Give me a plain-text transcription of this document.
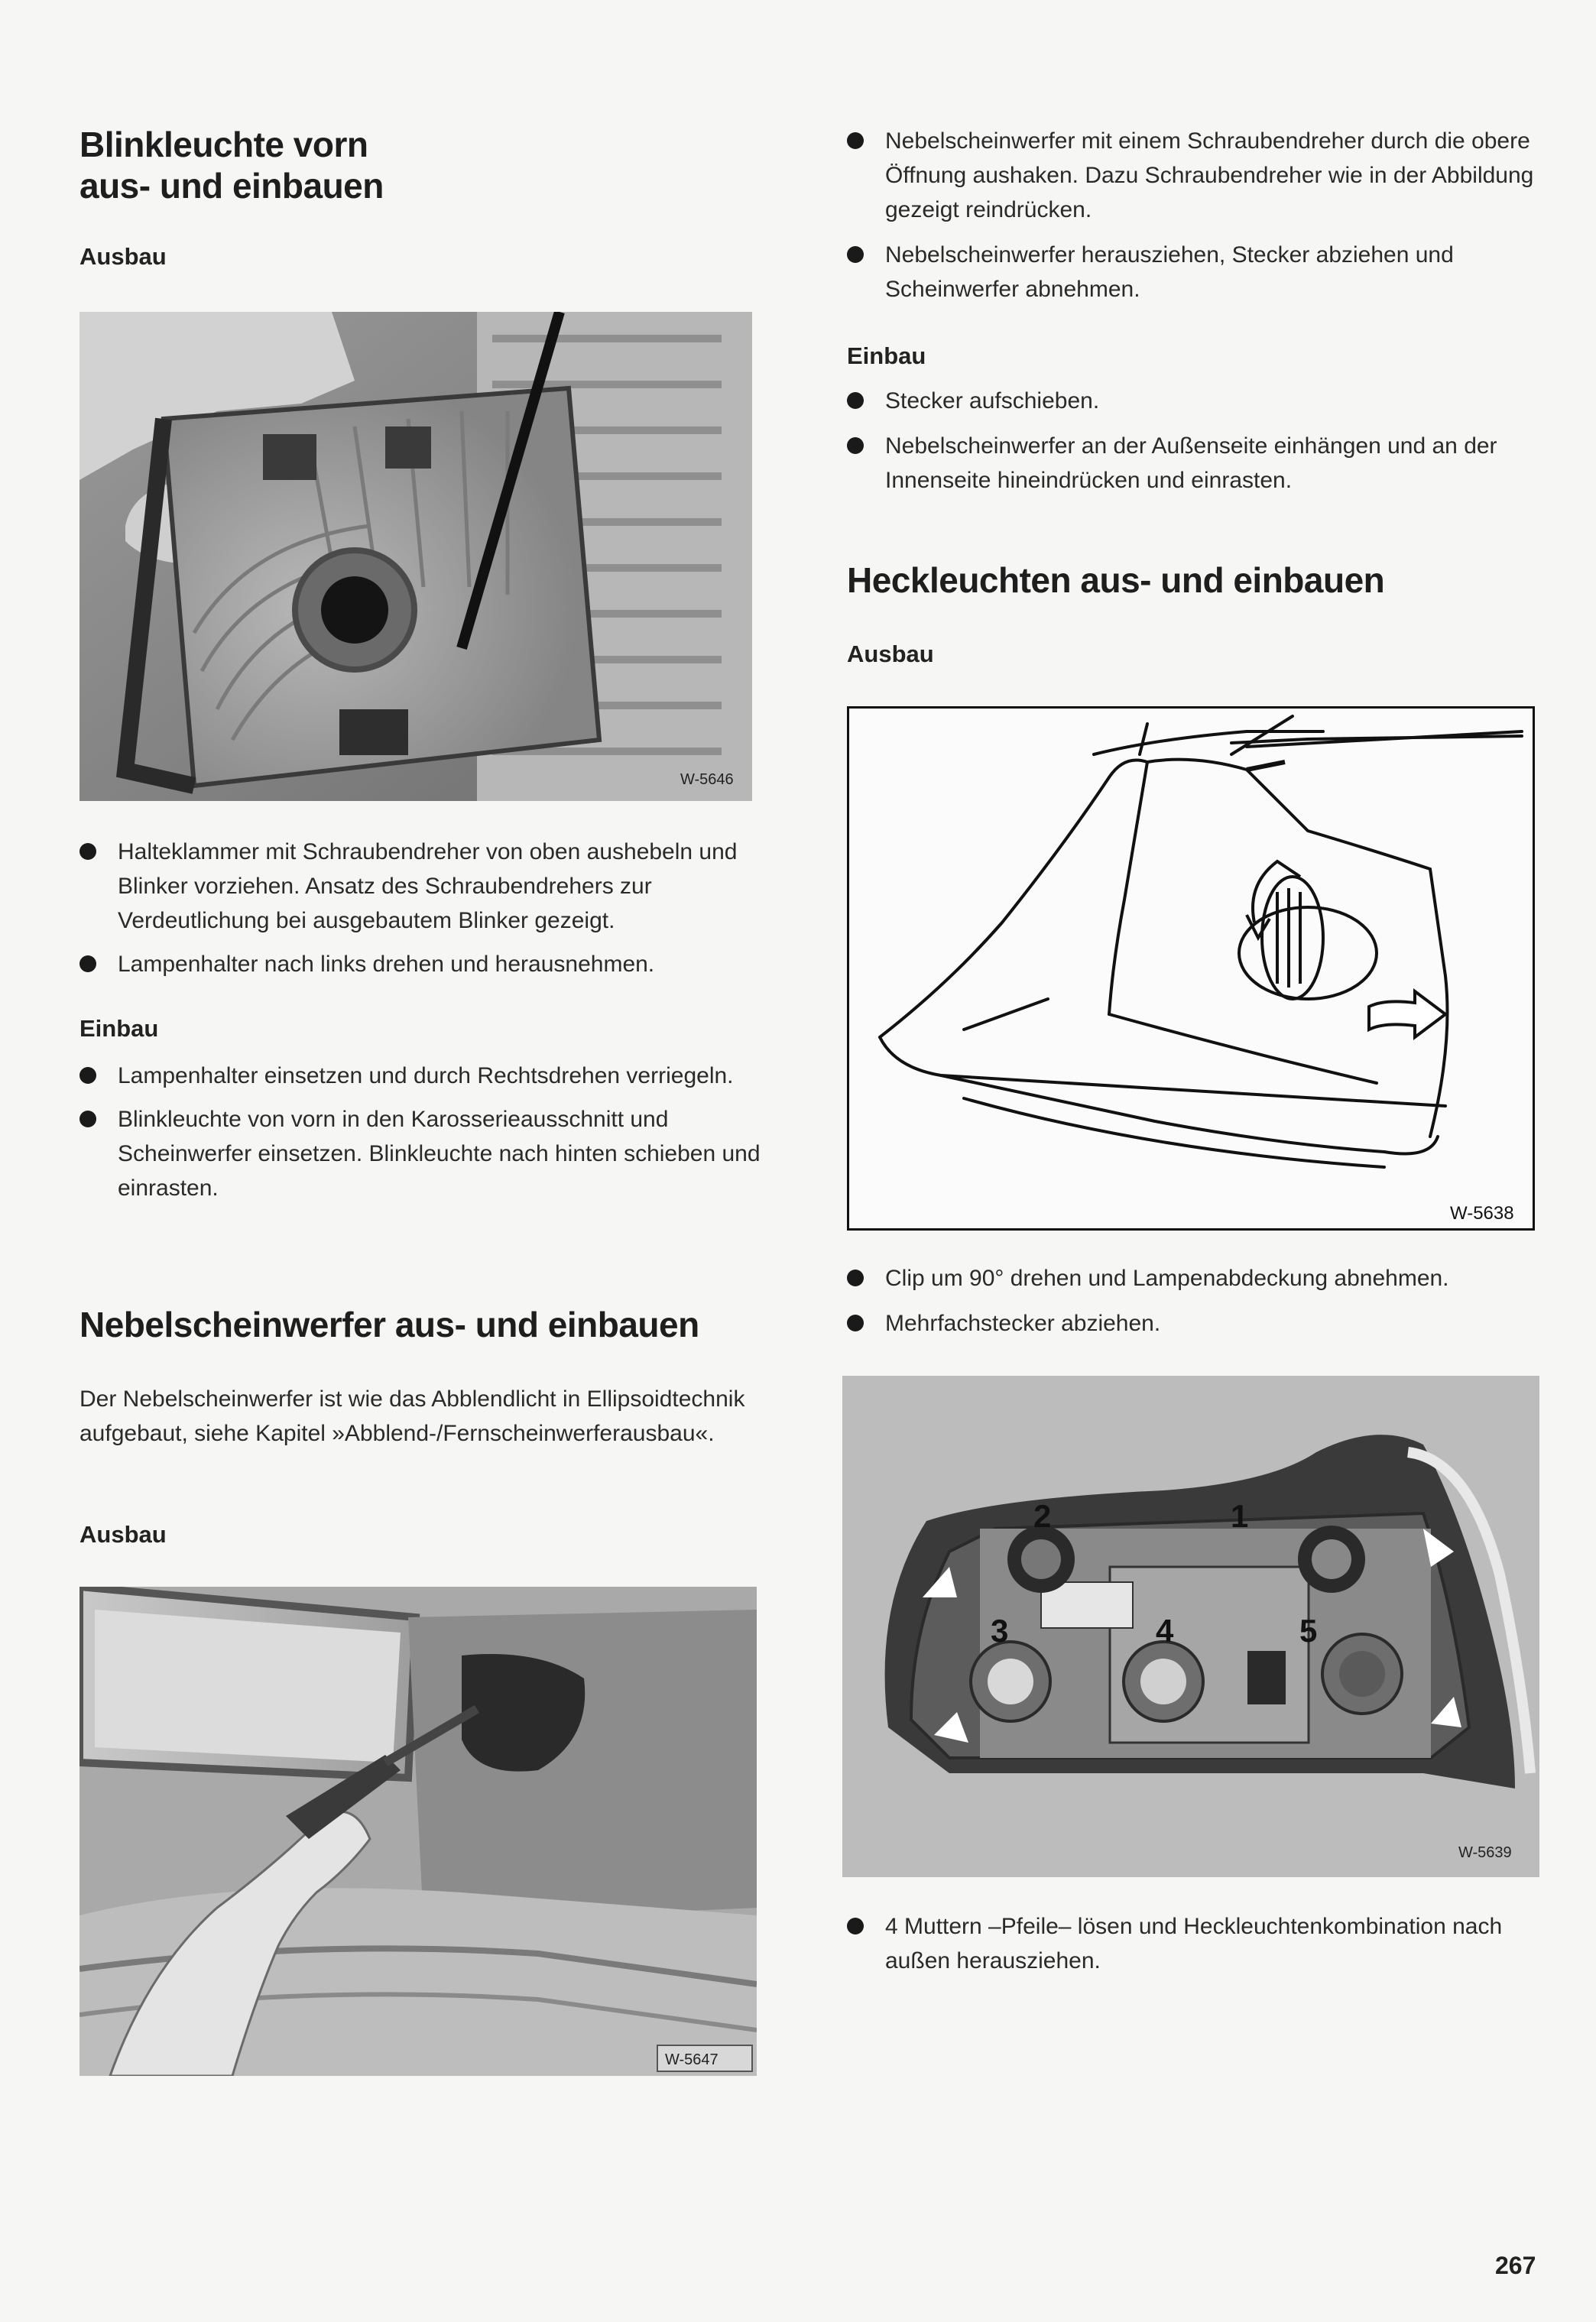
Blinkleuchte vorn
aus- und einbauen
Ausbau
W-5646
Halteklammer mit Schraubendreher von oben aushebeln und Blinker vorziehen. Ansatz des Schraubendrehers zur Verdeutlichung bei ausgebautem Blinker gezeigt.
Lampenhalter nach links drehen und herausnehmen.
Einbau
Lampenhalter einsetzen und durch Rechtsdrehen verriegeln.
Blinkleuchte von vorn in den Karosserieausschnitt und Scheinwerfer einsetzen. Blinkleuchte nach hinten schieben und einrasten.
Nebelscheinwerfer aus- und einbauen
Der Nebelscheinwerfer ist wie das Abblendlicht in Ellipsoidtechnik aufgebaut, siehe Kapitel »Abblend-/Fernscheinwerferausbau«.
Ausbau
W-5647
Nebelscheinwerfer mit einem Schraubendreher durch die obere Öffnung aushaken. Dazu Schraubendreher wie in der Abbildung gezeigt reindrücken.
Nebelscheinwerfer herausziehen, Stecker abziehen und Scheinwerfer abnehmen.
Einbau
Stecker aufschieben.
Nebelscheinwerfer an der Außenseite einhängen und an der Innenseite hineindrücken und einrasten.
Heckleuchten aus- und einbauen
Ausbau
W-5638
Clip um 90° drehen und Lampenabdeckung abnehmen.
Mehrfachstecker abziehen.
2	1
3	4	5
W-5639
4 Muttern –Pfeile– lösen und Heckleuchtenkombination nach außen herausziehen.
267
